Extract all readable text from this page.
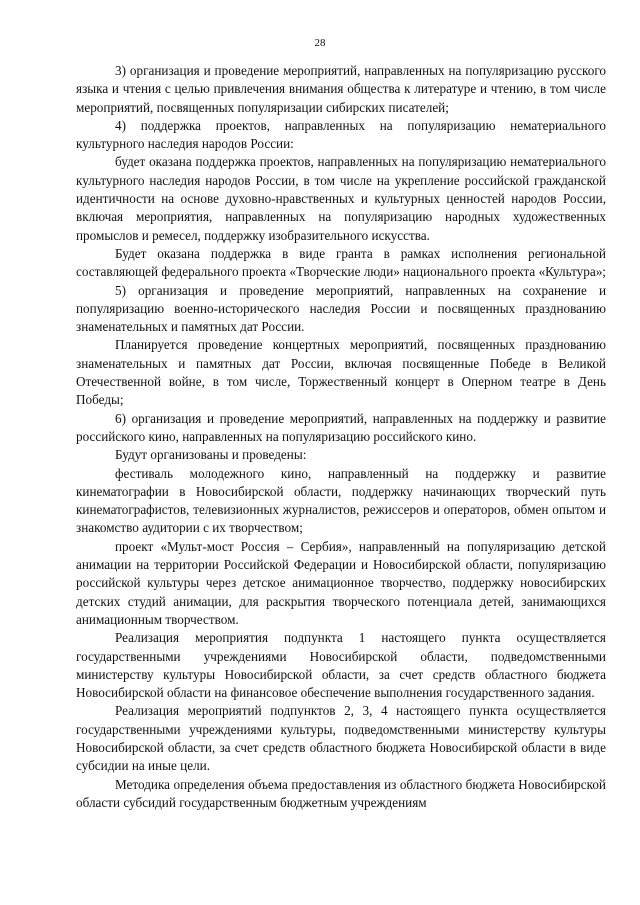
28

3) организация и проведение мероприятий, направленных на популяризацию русского языка и чтения с целью привлечения внимания общества к литературе и чтению, в том числе мероприятий, посвященных популяризации сибирских писателей;

4) поддержка проектов, направленных на популяризацию нематериального культурного наследия народов России:

будет оказана поддержка проектов, направленных на популяризацию нематериального культурного наследия народов России, в том числе на укрепление российской гражданской идентичности на основе духовно-нравственных и культурных ценностей народов России, включая мероприятия, направленных на популяризацию народных художественных промыслов и ремесел, поддержку изобразительного искусства.

Будет оказана поддержка в виде гранта в рамках исполнения региональной составляющей федерального проекта «Творческие люди» национального проекта «Культура»;

5) организация и проведение мероприятий, направленных на сохранение и популяризацию военно-исторического наследия России и посвященных празднованию знаменательных и памятных дат России.

Планируется проведение концертных мероприятий, посвященных празднованию знаменательных и памятных дат России, включая посвященные Победе в Великой Отечественной войне, в том числе, Торжественный концерт в Оперном театре в День Победы;

6) организация и проведение мероприятий, направленных на поддержку и развитие российского кино, направленных на популяризацию российского кино.

Будут организованы и проведены:

фестиваль молодежного кино, направленный на поддержку и развитие кинематографии в Новосибирской области, поддержку начинающих творческий путь кинематографистов, телевизионных журналистов, режиссеров и операторов, обмен опытом и знакомство аудитории с их творчеством;

проект «Мульт-мост Россия – Сербия», направленный на популяризацию детской анимации на территории Российской Федерации и Новосибирской области, популяризацию российской культуры через детское анимационное творчество, поддержку новосибирских детских студий анимации, для раскрытия творческого потенциала детей, занимающихся анимационным творчеством.

Реализация мероприятия подпункта 1 настоящего пункта осуществляется государственными учреждениями Новосибирской области, подведомственными министерству культуры Новосибирской области, за счет средств областного бюджета Новосибирской области на финансовое обеспечение выполнения государственного задания.

Реализация мероприятий подпунктов 2, 3, 4 настоящего пункта осуществляется государственными учреждениями культуры, подведомственными министерству культуры Новосибирской области, за счет средств областного бюджета Новосибирской области в виде субсидии на иные цели.

Методика определения объема предоставления из областного бюджета Новосибирской области субсидий государственным бюджетным учреждениям
